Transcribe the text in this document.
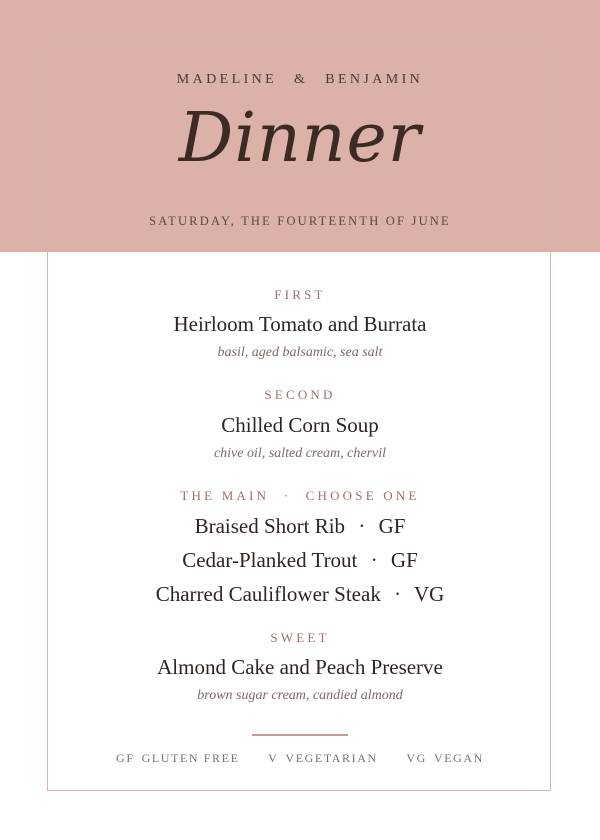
MADELINE & BENJAMIN
Dinner
SATURDAY, THE FOURTEENTH OF JUNE
FIRST
Heirloom Tomato and Burrata
basil, aged balsamic, sea salt
SECOND
Chilled Corn Soup
chive oil, salted cream, chervil
THE MAIN · CHOOSE ONE
Braised Short Rib · GF
Cedar-Planked Trout · GF
Charred Cauliflower Steak · VG
SWEET
Almond Cake and Peach Preserve
brown sugar cream, candied almond
GF GLUTEN FREE V VEGETARIAN VG VEGAN
